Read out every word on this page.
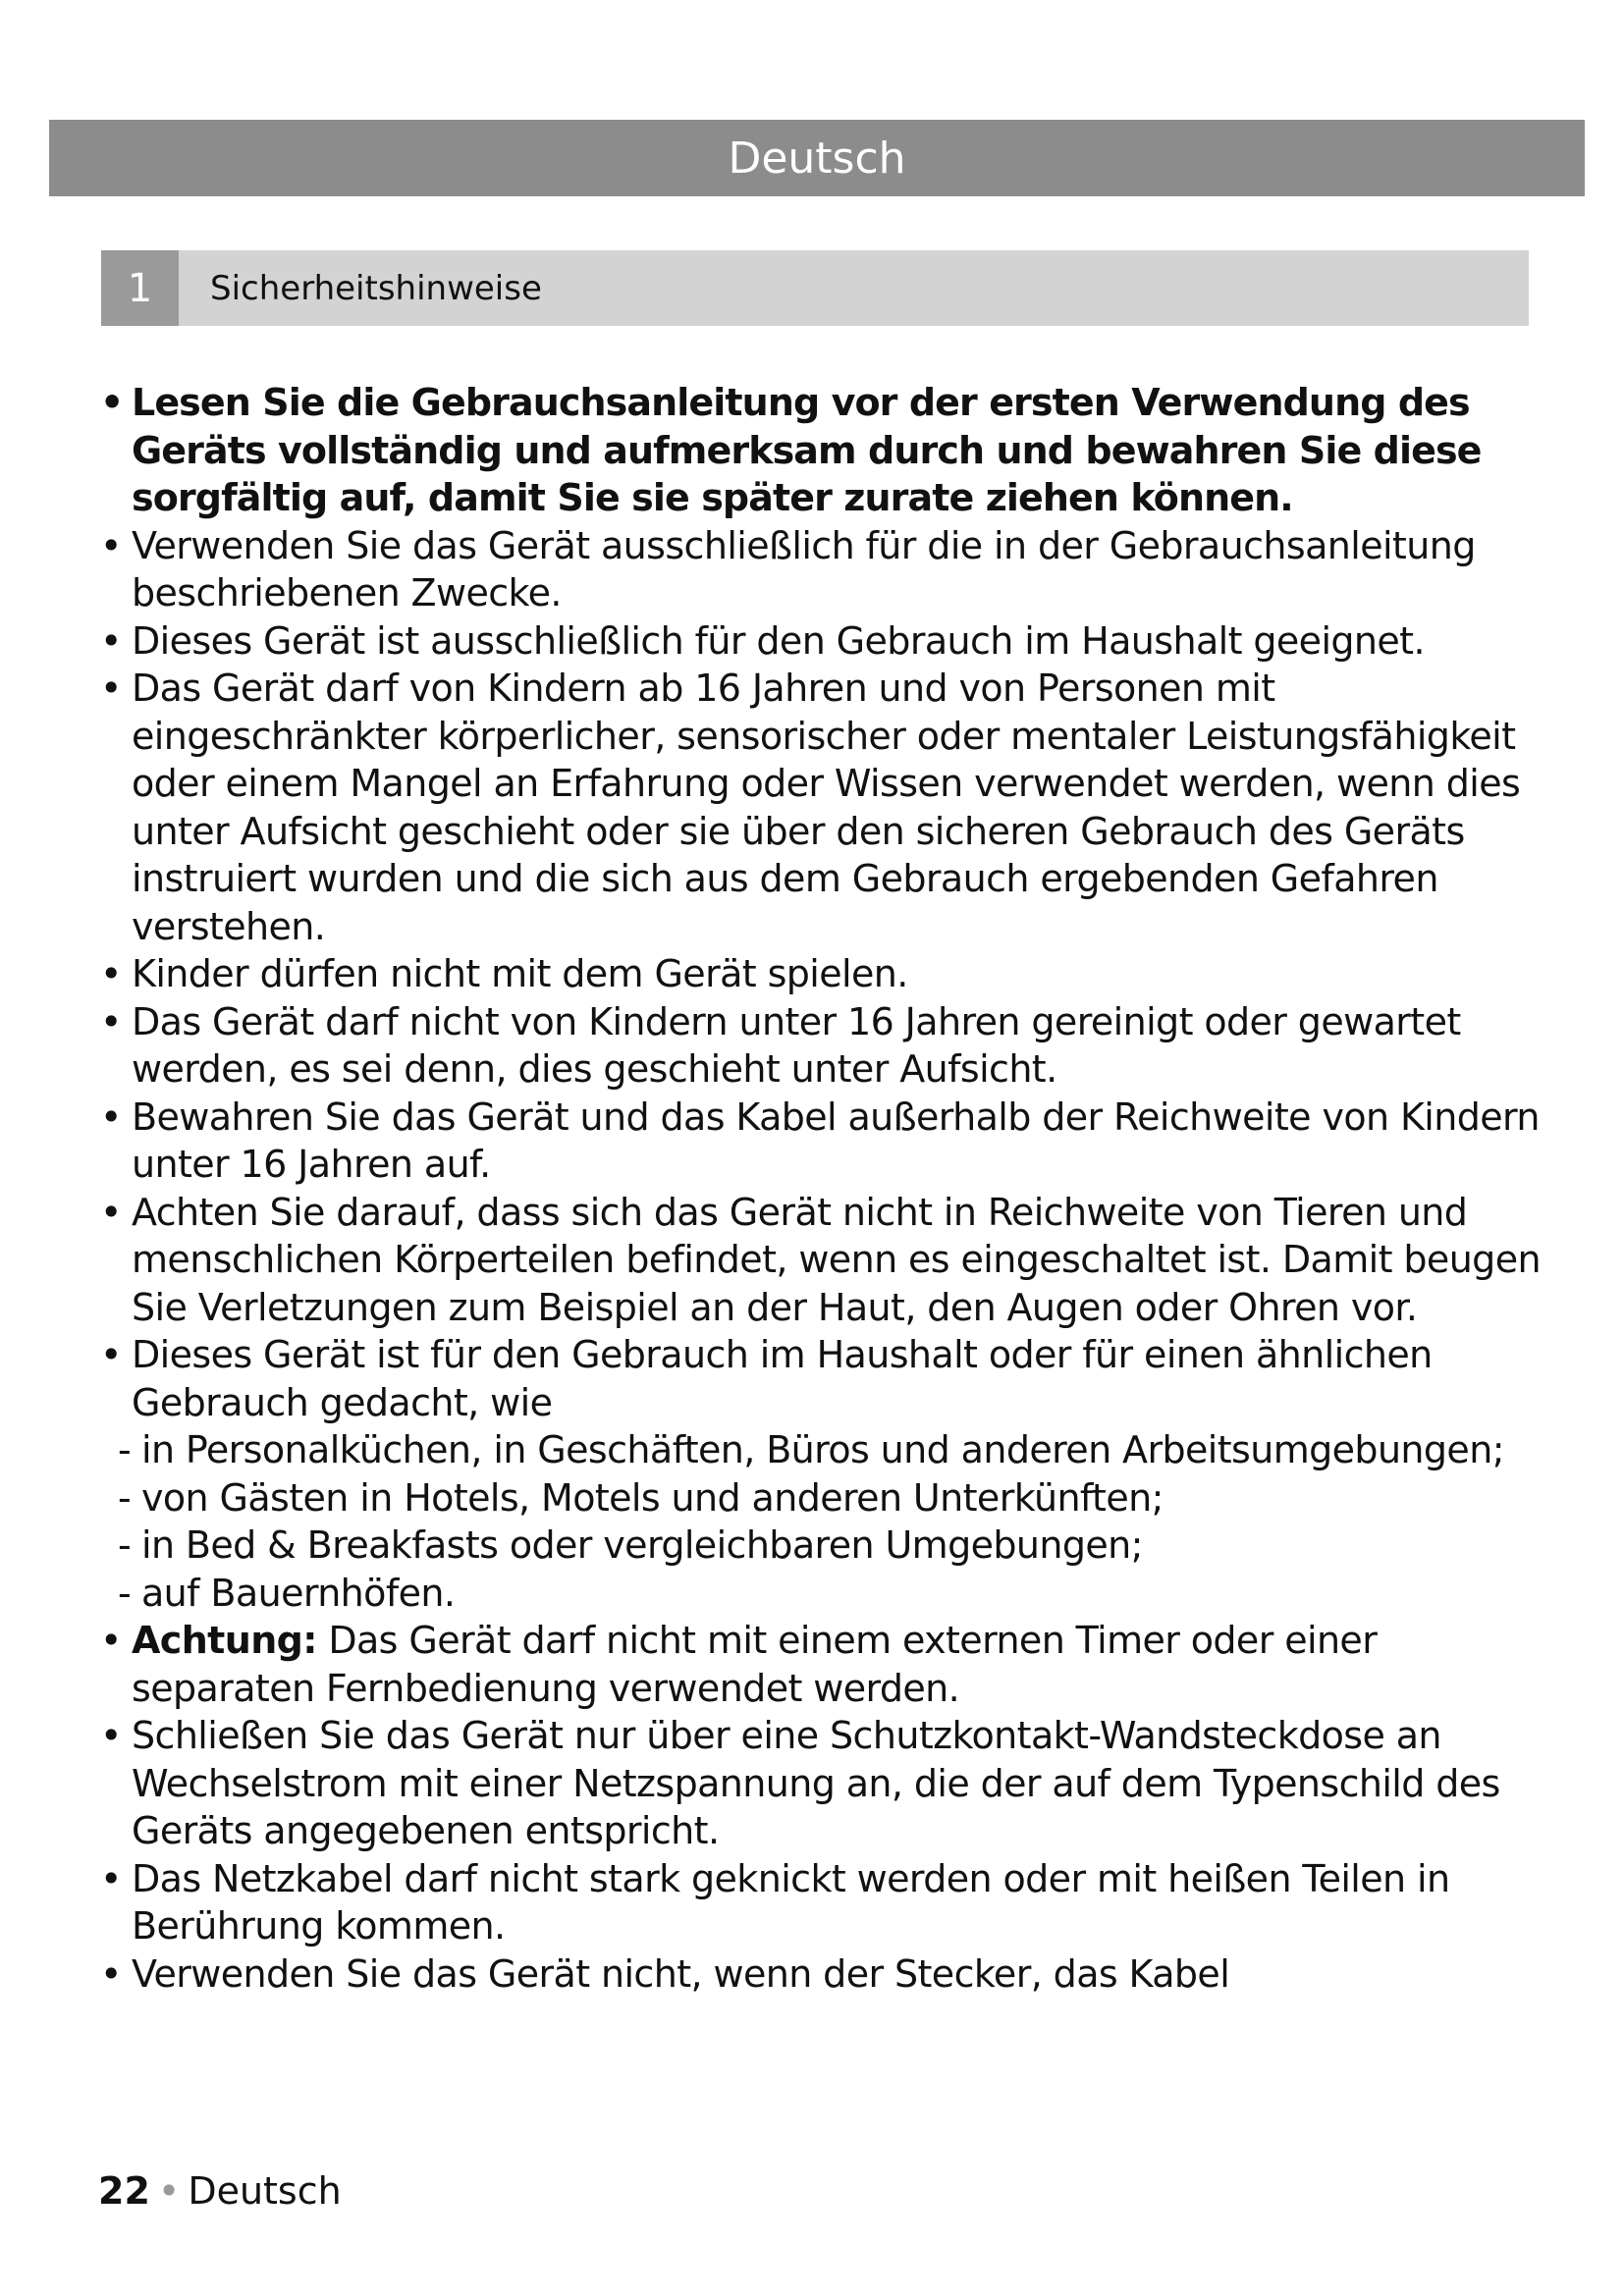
Deutsch
1	Sicherheitshinweise
• Lesen Sie die Gebrauchsanleitung vor der ersten Verwendung des Geräts vollständig und aufmerksam durch und bewahren Sie diese sorgfältig auf, damit Sie sie später zurate ziehen können.
• Verwenden Sie das Gerät ausschließlich für die in der Gebrauchsanleitung beschriebenen Zwecke.
• Dieses Gerät ist ausschließlich für den Gebrauch im Haushalt geeignet.
• Das Gerät darf von Kindern ab 16 Jahren und von Personen mit eingeschränkter körperlicher, sensorischer oder mentaler Leistungsfähigkeit oder einem Mangel an Erfahrung oder Wissen verwendet werden, wenn dies unter Aufsicht geschieht oder sie über den sicheren Gebrauch des Geräts instruiert wurden und die sich aus dem Gebrauch ergebenden Gefahren verstehen.
• Kinder dürfen nicht mit dem Gerät spielen.
• Das Gerät darf nicht von Kindern unter 16 Jahren gereinigt oder gewartet werden, es sei denn, dies geschieht unter Aufsicht.
• Bewahren Sie das Gerät und das Kabel außerhalb der Reichweite von Kindern unter 16 Jahren auf.
• Achten Sie darauf, dass sich das Gerät nicht in Reichweite von Tieren und menschlichen Körperteilen befindet, wenn es eingeschaltet ist. Damit beugen Sie Verletzungen zum Beispiel an der Haut, den Augen oder Ohren vor.
• Dieses Gerät ist für den Gebrauch im Haushalt oder für einen ähnlichen Gebrauch gedacht, wie
- in Personalküchen, in Geschäften, Büros und anderen Arbeitsumgebungen;
- von Gästen in Hotels, Motels und anderen Unterkünften;
- in Bed & Breakfasts oder vergleichbaren Umgebungen;
- auf Bauernhöfen.
• Achtung: Das Gerät darf nicht mit einem externen Timer oder einer separaten Fernbedienung verwendet werden.
• Schließen Sie das Gerät nur über eine Schutzkontakt-Wandsteckdose an Wechselstrom mit einer Netzspannung an, die der auf dem Typenschild des Geräts angegebenen entspricht.
• Das Netzkabel darf nicht stark geknickt werden oder mit heißen Teilen in Berührung kommen.
• Verwenden Sie das Gerät nicht, wenn der Stecker, das Kabel
22 • Deutsch
